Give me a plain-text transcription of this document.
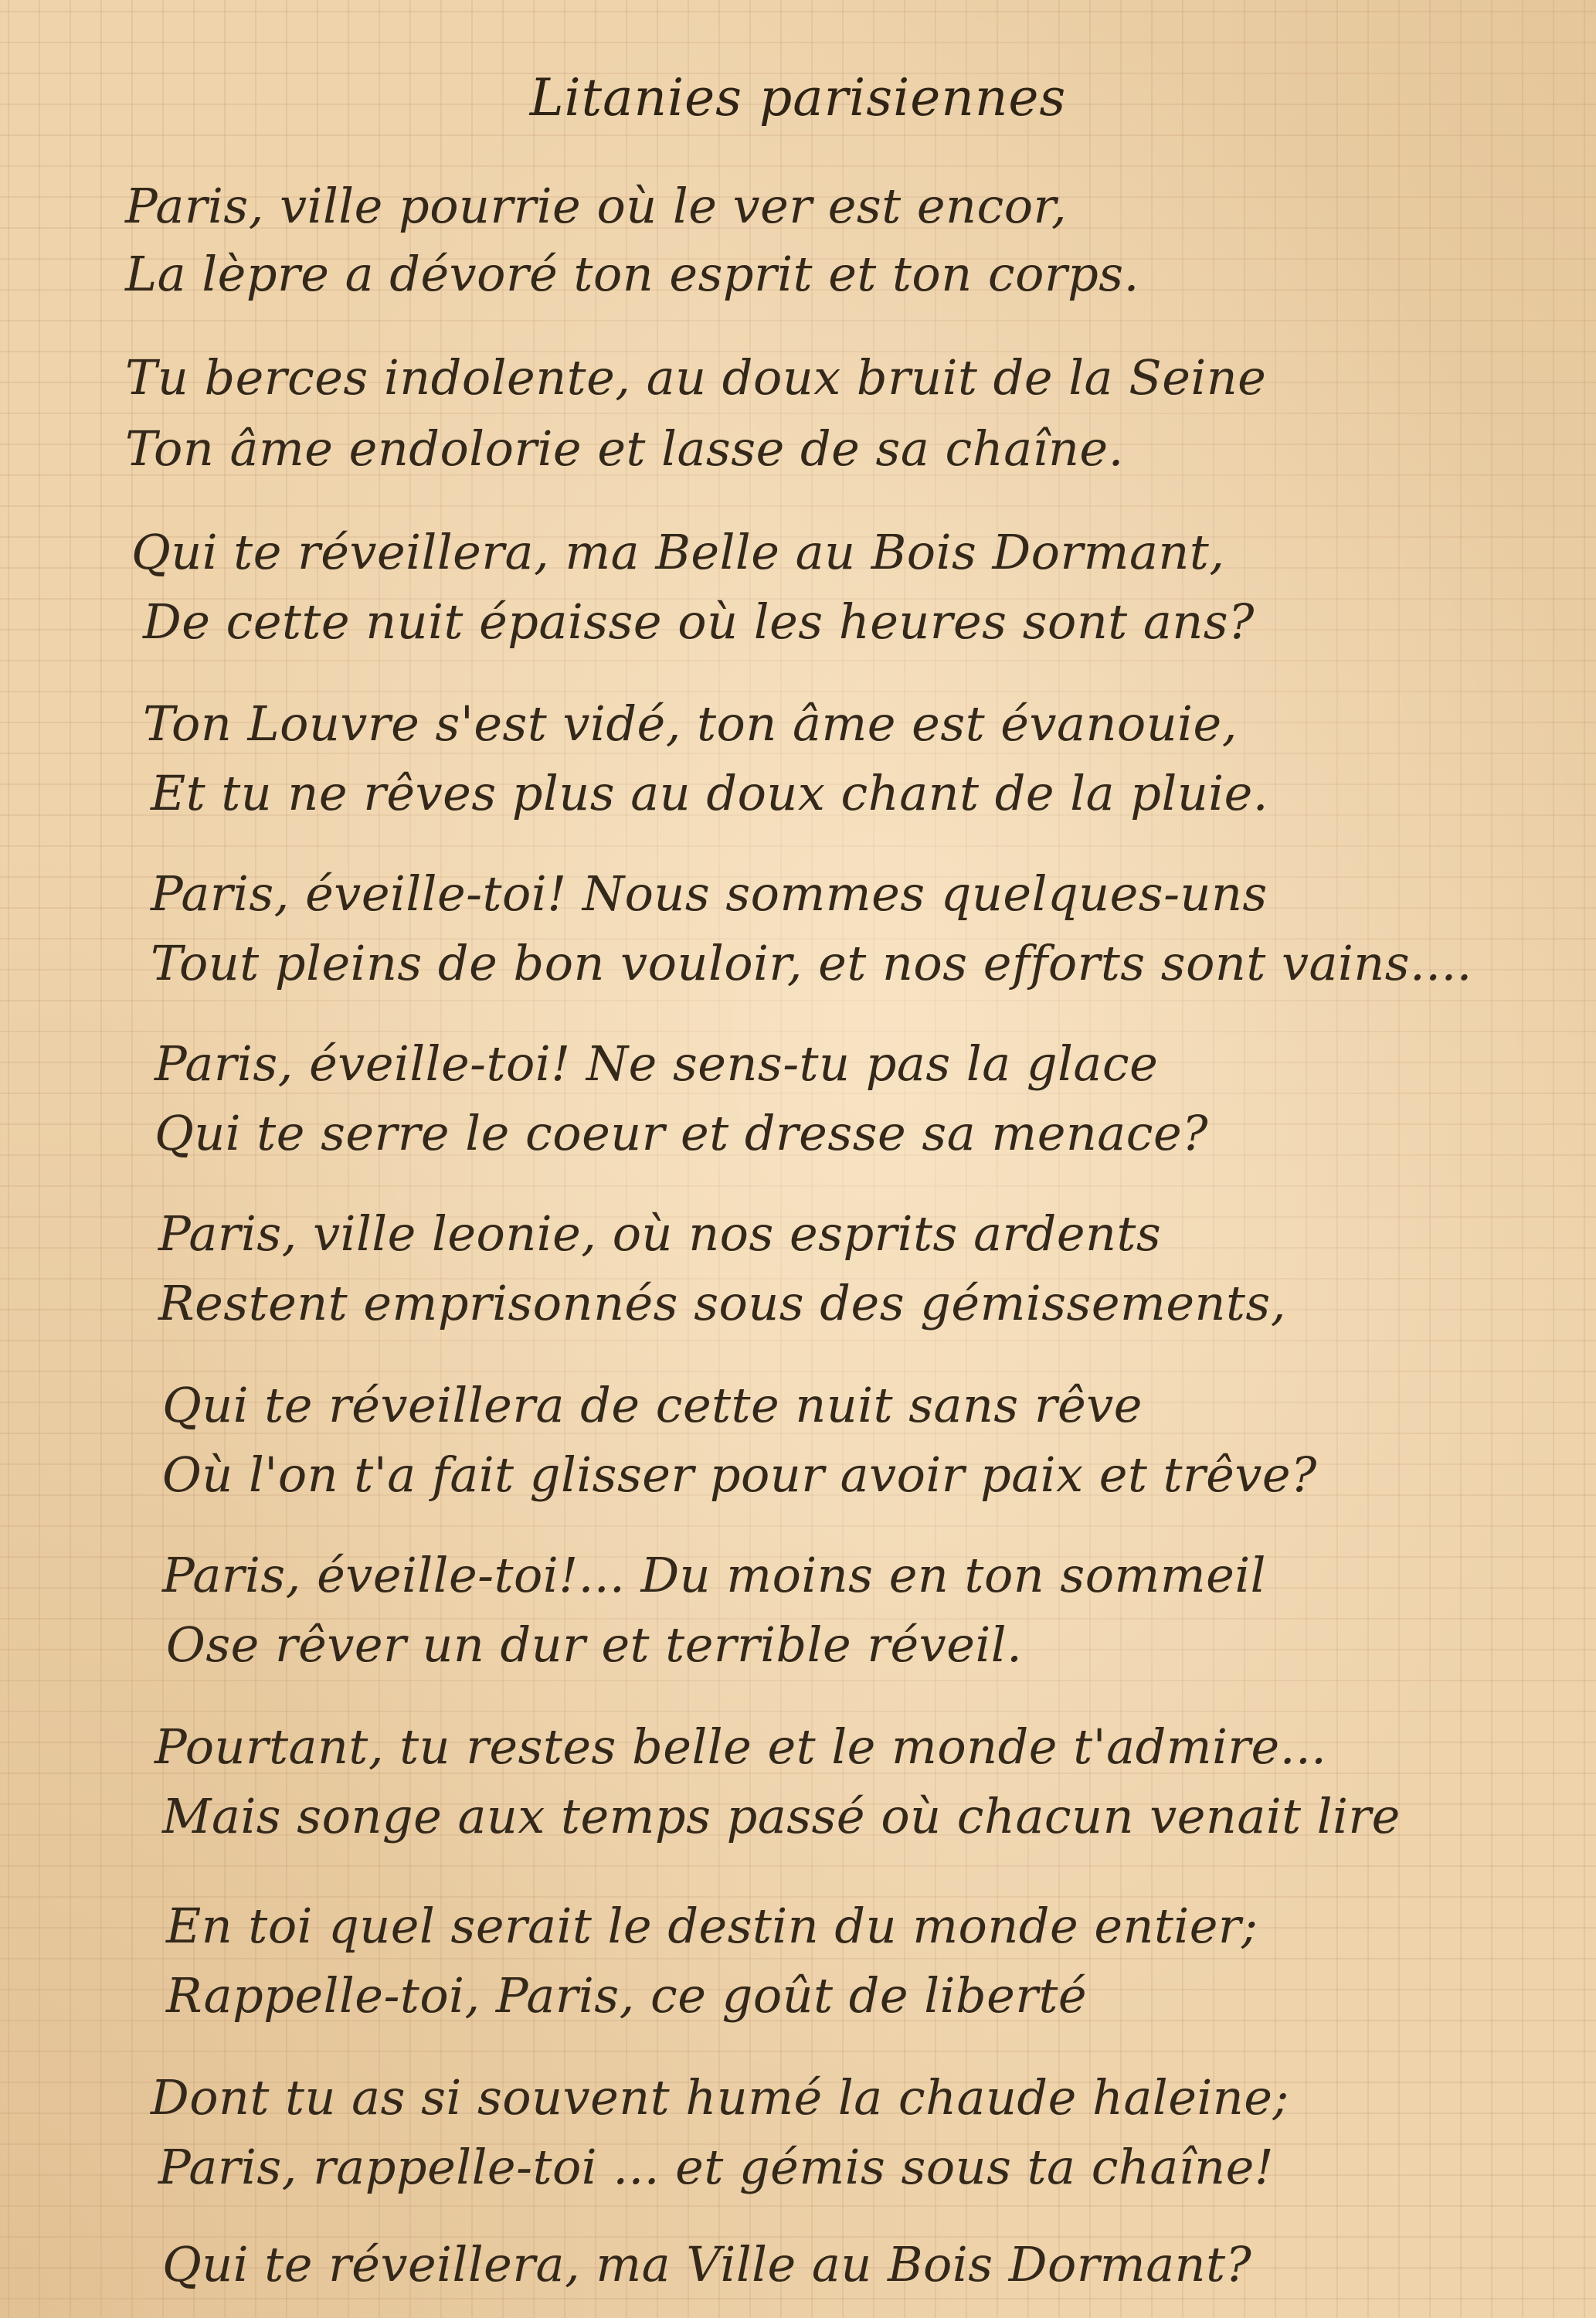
Litanies parisiennes
Paris, ville pourrie où le ver est encor,
La lèpre a dévoré ton esprit et ton corps.
Tu berces indolente, au doux bruit de la Seine
Ton âme endolorie et lasse de sa chaîne.
Qui te réveillera, ma Belle au Bois Dormant,
De cette nuit épaisse où les heures sont ans?
Ton Louvre s'est vidé, ton âme est évanouie,
Et tu ne rêves plus au doux chant de la pluie.
Paris, éveille-toi! Nous sommes quelques-uns
Tout pleins de bon vouloir, et nos efforts sont vains....
Paris, éveille-toi! Ne sens-tu pas la glace
Qui te serre le coeur et dresse sa menace?
Paris, ville leonie, où nos esprits ardents
Restent emprisonnés sous des gémissements,
Qui te réveillera de cette nuit sans rêve
Où l'on t'a fait glisser pour avoir paix et trêve?
Paris, éveille-toi!... Du moins en ton sommeil
Ose rêver un dur et terrible réveil.
Pourtant, tu restes belle et le monde t'admire...
Mais songe aux temps passé où chacun venait lire
En toi quel serait le destin du monde entier;
Rappelle-toi, Paris, ce goût de liberté
Dont tu as si souvent humé la chaude haleine;
Paris, rappelle-toi ... et gémis sous ta chaîne!
Qui te réveillera, ma Ville au Bois Dormant?
